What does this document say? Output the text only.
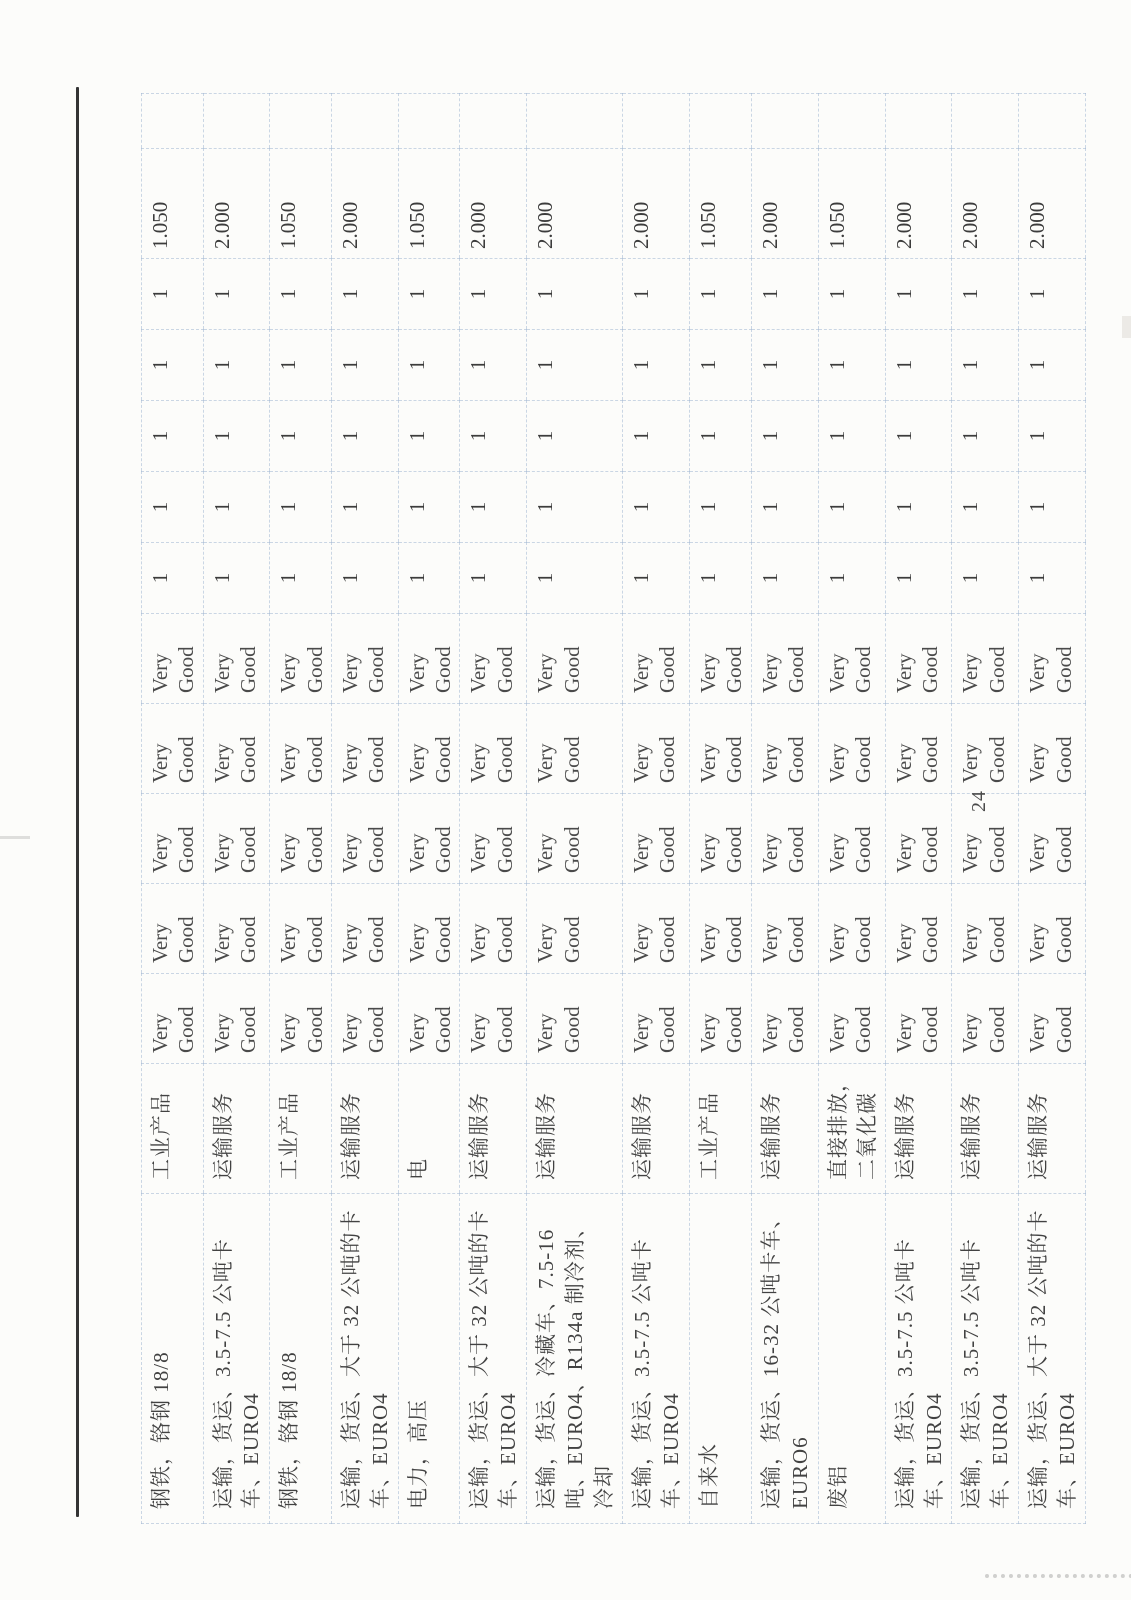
钢铁，铬钢 18/8	工业产品	Very Good	Very Good	Very Good	Very Good	Very Good	1	1	1	1	1	1.050	
运输，货运、3.5-7.5 公吨卡车、EURO4	运输服务	Very Good	Very Good	Very Good	Very Good	Very Good	1	1	1	1	1	2.000	
钢铁，铬钢 18/8	工业产品	Very Good	Very Good	Very Good	Very Good	Very Good	1	1	1	1	1	1.050	
运输，货运、大于 32 公吨的卡车、EURO4	运输服务	Very Good	Very Good	Very Good	Very Good	Very Good	1	1	1	1	1	2.000	
电力，高压	电	Very Good	Very Good	Very Good	Very Good	Very Good	1	1	1	1	1	1.050	
运输，货运、大于 32 公吨的卡车、EURO4	运输服务	Very Good	Very Good	Very Good	Very Good	Very Good	1	1	1	1	1	2.000	
运输，货运、冷藏车、7.5-16 吨、EURO4、R134a 制冷剂、冷却	运输服务	Very Good	Very Good	Very Good	Very Good	Very Good	1	1	1	1	1	2.000	
运输，货运、3.5-7.5 公吨卡车、EURO4	运输服务	Very Good	Very Good	Very Good	Very Good	Very Good	1	1	1	1	1	2.000	
自来水	工业产品	Very Good	Very Good	Very Good	Very Good	Very Good	1	1	1	1	1	1.050	
运输，货运、16-32 公吨卡车、EURO6	运输服务	Very Good	Very Good	Very Good	Very Good	Very Good	1	1	1	1	1	2.000	
废铝	直接排放，二氧化碳	Very Good	Very Good	Very Good	Very Good	Very Good	1	1	1	1	1	1.050	
运输，货运、3.5-7.5 公吨卡车、EURO4	运输服务	Very Good	Very Good	Very Good	Very Good	Very Good	1	1	1	1	1	2.000	
运输，货运、3.5-7.5 公吨卡车、EURO4	运输服务	Very Good	Very Good	Very Good	Very Good	Very Good	1	1	1	1	1	2.000	
运输，货运、大于 32 公吨的卡车、EURO4	运输服务	Very Good	Very Good	Very Good	Very Good	Very Good	1	1	1	1	1	2.000	
24
